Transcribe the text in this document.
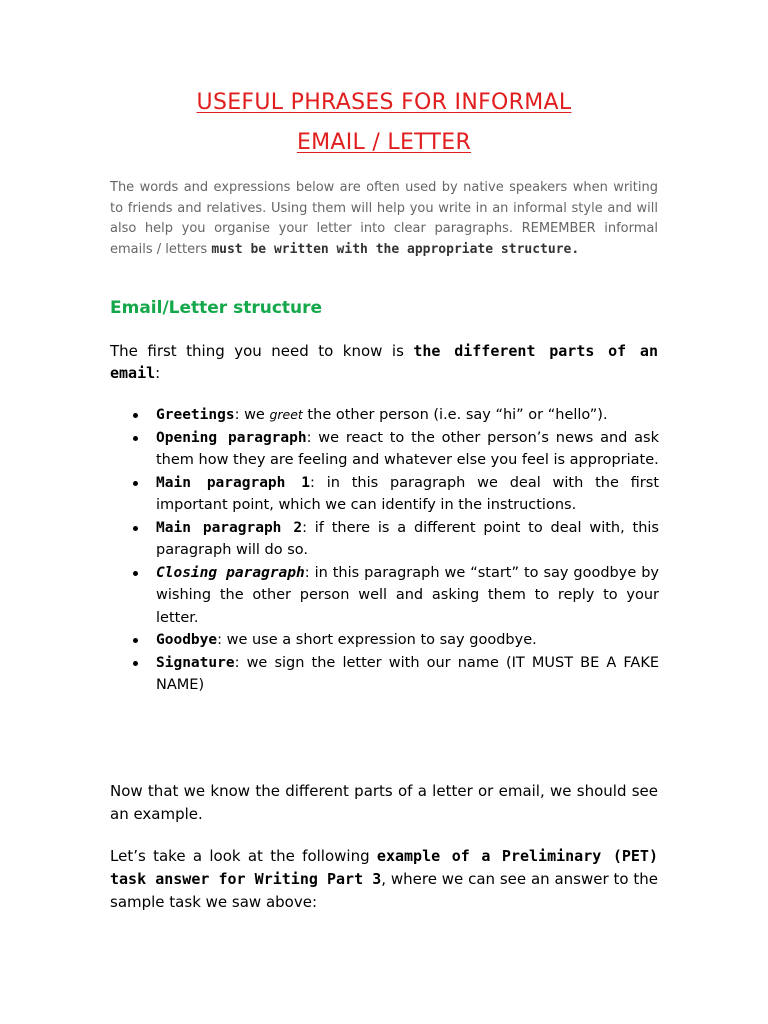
USEFUL PHRASES FOR INFORMAL
EMAIL / LETTER
The words and expressions below are often used by native speakers when writing to friends and relatives. Using them will help you write in an informal style and will also help you organise your letter into clear paragraphs. REMEMBER informal emails / letters must be written with the appropriate structure.
Email/Letter structure
The first thing you need to know is the different parts of an email:
Greetings: we greet the other person (i.e. say “hi” or “hello”).
Opening paragraph: we react to the other person’s news and ask them how they are feeling and whatever else you feel is appropriate.
Main paragraph 1: in this paragraph we deal with the first important point, which we can identify in the instructions.
Main paragraph 2: if there is a different point to deal with, this paragraph will do so.
Closing paragraph: in this paragraph we “start” to say goodbye by wishing the other person well and asking them to reply to your letter.
Goodbye: we use a short expression to say goodbye.
Signature: we sign the letter with our name (IT MUST BE A FAKE NAME)
Now that we know the different parts of a letter or email, we should see an example.
Let’s take a look at the following example of a Preliminary (PET) task answer for Writing Part 3, where we can see an answer to the sample task we saw above:
